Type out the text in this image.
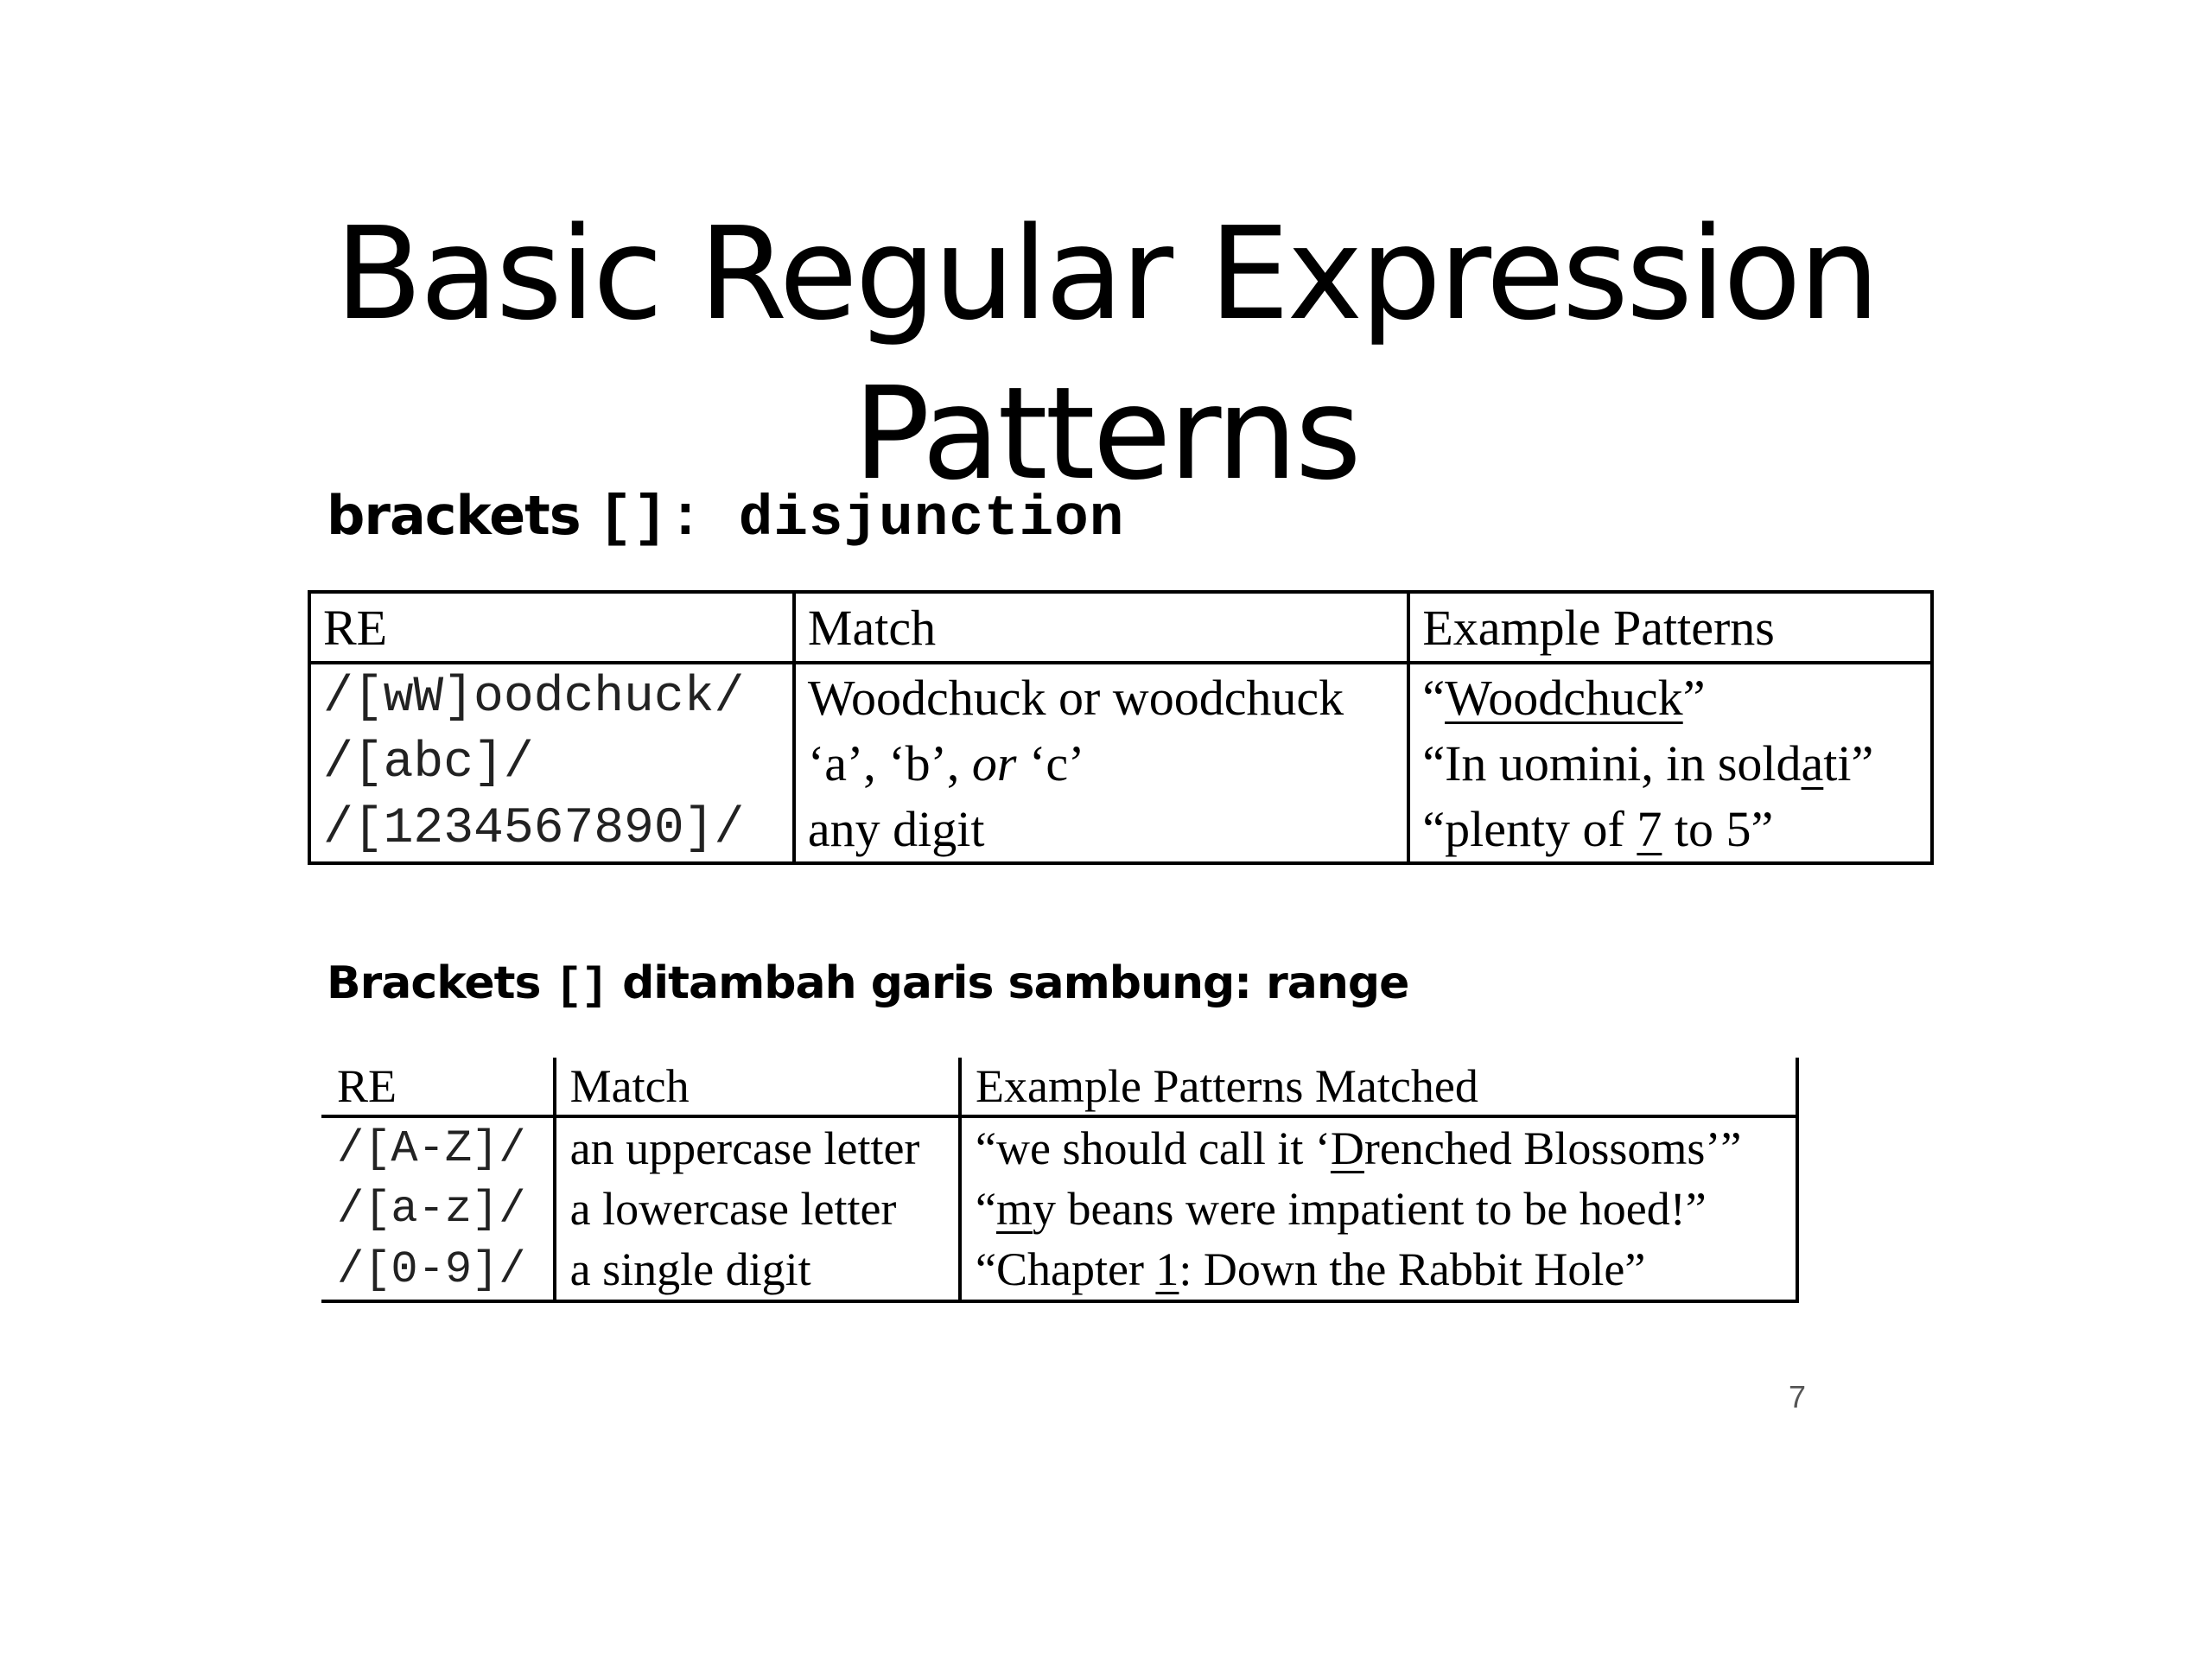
Basic Regular Expression
Patterns
brackets []: disjunction
RE	Match	Example Patterns
/[wW]oodchuck/	Woodchuck or woodchuck	“Woodchuck”
/[abc]/	‘a’, ‘b’, or ‘c’	“In uomini, in soldati”
/[1234567890]/	any digit	“plenty of 7 to 5”
Brackets [] ditambah garis sambung: range
RE	Match	Example Patterns Matched
/[A-Z]/	an uppercase letter	“we should call it ‘Drenched Blossoms’”
/[a-z]/	a lowercase letter	“my beans were impatient to be hoed!”
/[0-9]/	a single digit	“Chapter 1: Down the Rabbit Hole”
7
